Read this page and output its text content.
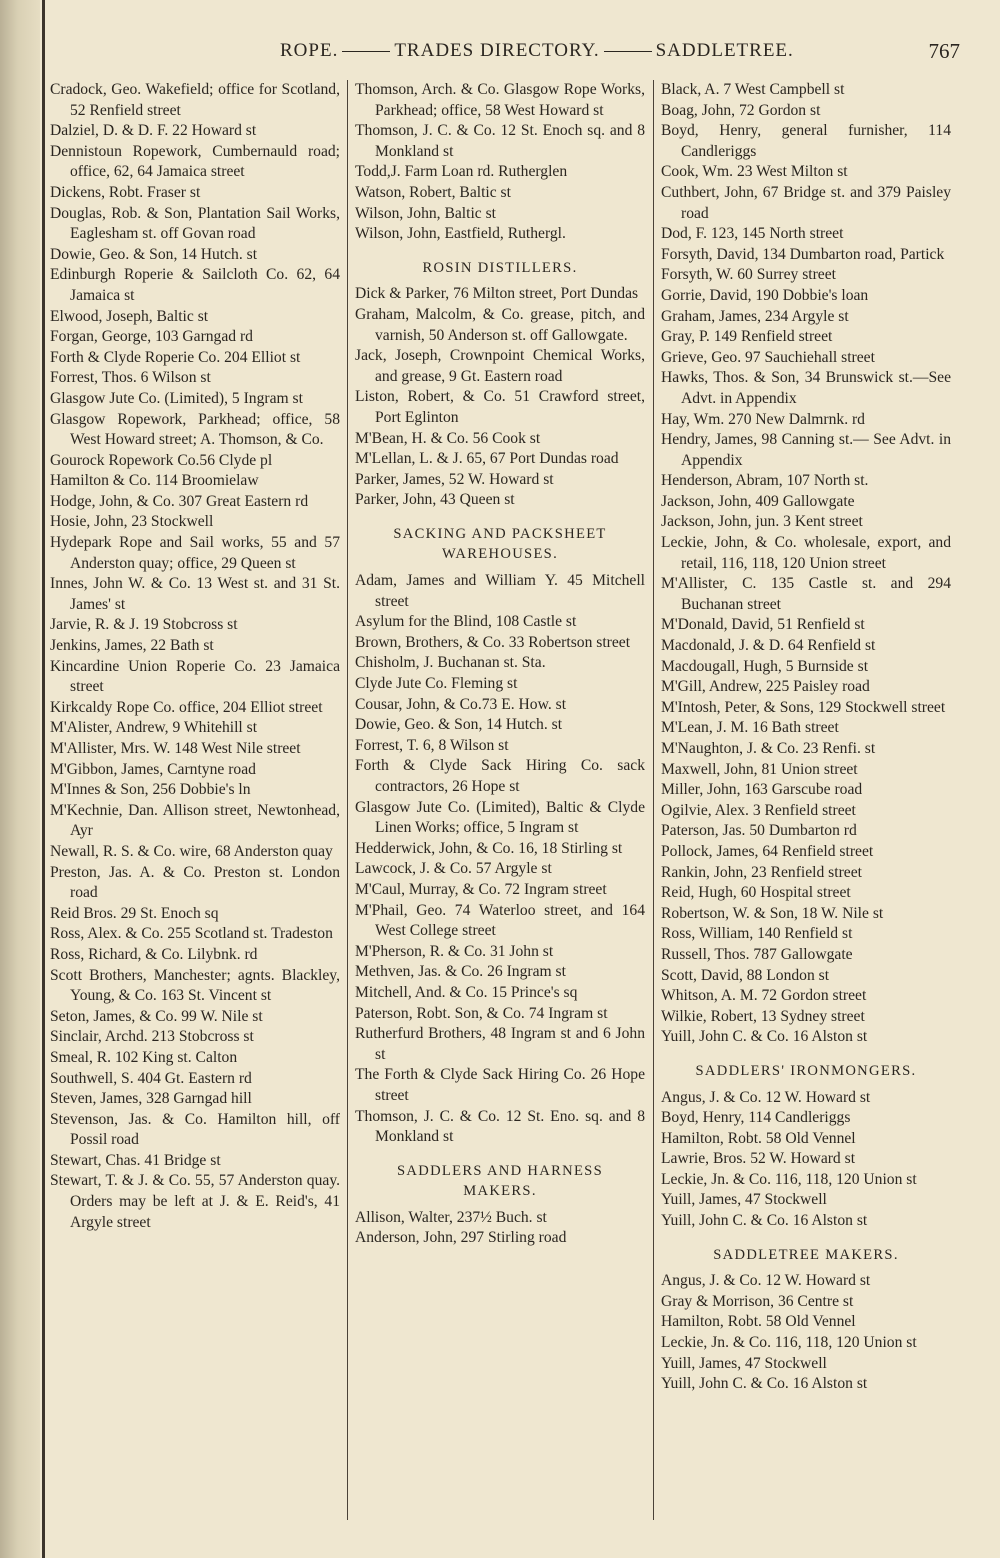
ROPE.	TRADES DIRECTORY.	SADDLETREE.	767

Cradock, Geo. Wakefield; office for Scotland, 52 Renfield street

Dalziel, D. & D. F. 22 Howard st

Dennistoun Ropework, Cumbernauld road; office, 62, 64 Jamaica street

Dickens, Robt. Fraser st

Douglas, Rob. & Son, Plantation Sail Works, Eaglesham st. off Govan road

Dowie, Geo. & Son, 14 Hutch. st

Edinburgh Roperie & Sailcloth Co. 62, 64 Jamaica st

Elwood, Joseph, Baltic st

Forgan, George, 103 Garngad rd

Forth & Clyde Roperie Co. 204 Elliot st

Forrest, Thos. 6 Wilson st

Glasgow Jute Co. (Limited), 5 Ingram st

Glasgow Ropework, Parkhead; office, 58 West Howard street; A. Thomson, & Co.

Gourock Ropework Co.56 Clyde pl

Hamilton & Co. 114 Broomielaw

Hodge, John, & Co. 307 Great Eastern rd

Hosie, John, 23 Stockwell

Hydepark Rope and Sail works, 55 and 57 Anderston quay; office, 29 Queen st

Innes, John W. & Co. 13 West st. and 31 St. James' st

Jarvie, R. & J. 19 Stobcross st

Jenkins, James, 22 Bath st

Kincardine Union Roperie Co. 23 Jamaica street

Kirkcaldy Rope Co. office, 204 Elliot street

M'Alister, Andrew, 9 Whitehill st

M'Allister, Mrs. W. 148 West Nile street

M'Gibbon, James, Carntyne road

M'Innes & Son, 256 Dobbie's ln

M'Kechnie, Dan. Allison street, Newtonhead, Ayr

Newall, R. S. & Co. wire, 68 Anderston quay

Preston, Jas. A. & Co. Preston st. London road

Reid Bros. 29 St. Enoch sq

Ross, Alex. & Co. 255 Scotland st. Tradeston

Ross, Richard, & Co. Lilybnk. rd

Scott Brothers, Manchester; agnts. Blackley, Young, & Co. 163 St. Vincent st

Seton, James, & Co. 99 W. Nile st

Sinclair, Archd. 213 Stobcross st

Smeal, R. 102 King st. Calton

Southwell, S. 404 Gt. Eastern rd

Steven, James, 328 Garngad hill

Stevenson, Jas. & Co. Hamilton hill, off Possil road

Stewart, Chas. 41 Bridge st

Stewart, T. & J. & Co. 55, 57 Anderston quay. Orders may be left at J. & E. Reid's, 41 Argyle street

Thomson, Arch. & Co. Glasgow Rope Works, Parkhead; office, 58 West Howard st

Thomson, J. C. & Co. 12 St. Enoch sq. and 8 Monkland st

Todd,J. Farm Loan rd. Rutherglen

Watson, Robert, Baltic st

Wilson, John, Baltic st

Wilson, John, Eastfield, Ruthergl.

ROSIN DISTILLERS.

Dick & Parker, 76 Milton street, Port Dundas

Graham, Malcolm, & Co. grease, pitch, and varnish, 50 Anderson st. off Gallowgate.

Jack, Joseph, Crownpoint Chemical Works, and grease, 9 Gt. Eastern road

Liston, Robert, & Co. 51 Crawford street, Port Eglinton

M'Bean, H. & Co. 56 Cook st

M'Lellan, L. & J. 65, 67 Port Dundas road

Parker, James, 52 W. Howard st

Parker, John, 43 Queen st

SACKING AND PACKSHEET WAREHOUSES.

Adam, James and William Y. 45 Mitchell street

Asylum for the Blind, 108 Castle st

Brown, Brothers, & Co. 33 Robertson street

Chisholm, J. Buchanan st. Sta.

Clyde Jute Co. Fleming st

Cousar, John, & Co.73 E. How. st

Dowie, Geo. & Son, 14 Hutch. st

Forrest, T. 6, 8 Wilson st

Forth & Clyde Sack Hiring Co. sack contractors, 26 Hope st

Glasgow Jute Co. (Limited), Baltic & Clyde Linen Works; office, 5 Ingram st

Hedderwick, John, & Co. 16, 18 Stirling st

Lawcock, J. & Co. 57 Argyle st

M'Caul, Murray, & Co. 72 Ingram street

M'Phail, Geo. 74 Waterloo street, and 164 West College street

M'Pherson, R. & Co. 31 John st

Methven, Jas. & Co. 26 Ingram st

Mitchell, And. & Co. 15 Prince's sq

Paterson, Robt. Son, & Co. 74 Ingram st

Rutherfurd Brothers, 48 Ingram st and 6 John st

The Forth & Clyde Sack Hiring Co. 26 Hope street

Thomson, J. C. & Co. 12 St. Eno. sq. and 8 Monkland st

SADDLERS AND HARNESS MAKERS.

Allison, Walter, 237½ Buch. st

Anderson, John, 297 Stirling road

Black, A. 7 West Campbell st

Boag, John, 72 Gordon st

Boyd, Henry, general furnisher, 114 Candleriggs

Cook, Wm. 23 West Milton st

Cuthbert, John, 67 Bridge st. and 379 Paisley road

Dod, F. 123, 145 North street

Forsyth, David, 134 Dumbarton road, Partick

Forsyth, W. 60 Surrey street

Gorrie, David, 190 Dobbie's loan

Graham, James, 234 Argyle st

Gray, P. 149 Renfield street

Grieve, Geo. 97 Sauchiehall street

Hawks, Thos. & Son, 34 Brunswick st.—See Advt. in Appendix

Hay, Wm. 270 New Dalmrnk. rd

Hendry, James, 98 Canning st.— See Advt. in Appendix

Henderson, Abram, 107 North st.

Jackson, John, 409 Gallowgate

Jackson, John, jun. 3 Kent street

Leckie, John, & Co. wholesale, export, and retail, 116, 118, 120 Union street

M'Allister, C. 135 Castle st. and 294 Buchanan street

M'Donald, David, 51 Renfield st

Macdonald, J. & D. 64 Renfield st

Macdougall, Hugh, 5 Burnside st

M'Gill, Andrew, 225 Paisley road

M'Intosh, Peter, & Sons, 129 Stockwell street

M'Lean, J. M. 16 Bath street

M'Naughton, J. & Co. 23 Renfi. st

Maxwell, John, 81 Union street

Miller, John, 163 Garscube road

Ogilvie, Alex. 3 Renfield street

Paterson, Jas. 50 Dumbarton rd

Pollock, James, 64 Renfield street

Rankin, John, 23 Renfield street

Reid, Hugh, 60 Hospital street

Robertson, W. & Son, 18 W. Nile st

Ross, William, 140 Renfield st

Russell, Thos. 787 Gallowgate

Scott, David, 88 London st

Whitson, A. M. 72 Gordon street

Wilkie, Robert, 13 Sydney street

Yuill, John C. & Co. 16 Alston st

SADDLERS' IRONMONGERS.

Angus, J. & Co. 12 W. Howard st

Boyd, Henry, 114 Candleriggs

Hamilton, Robt. 58 Old Vennel

Lawrie, Bros. 52 W. Howard st

Leckie, Jn. & Co. 116, 118, 120 Union st

Yuill, James, 47 Stockwell

Yuill, John C. & Co. 16 Alston st

SADDLETREE MAKERS.

Angus, J. & Co. 12 W. Howard st

Gray & Morrison, 36 Centre st

Hamilton, Robt. 58 Old Vennel

Leckie, Jn. & Co. 116, 118, 120 Union st

Yuill, James, 47 Stockwell

Yuill, John C. & Co. 16 Alston st
